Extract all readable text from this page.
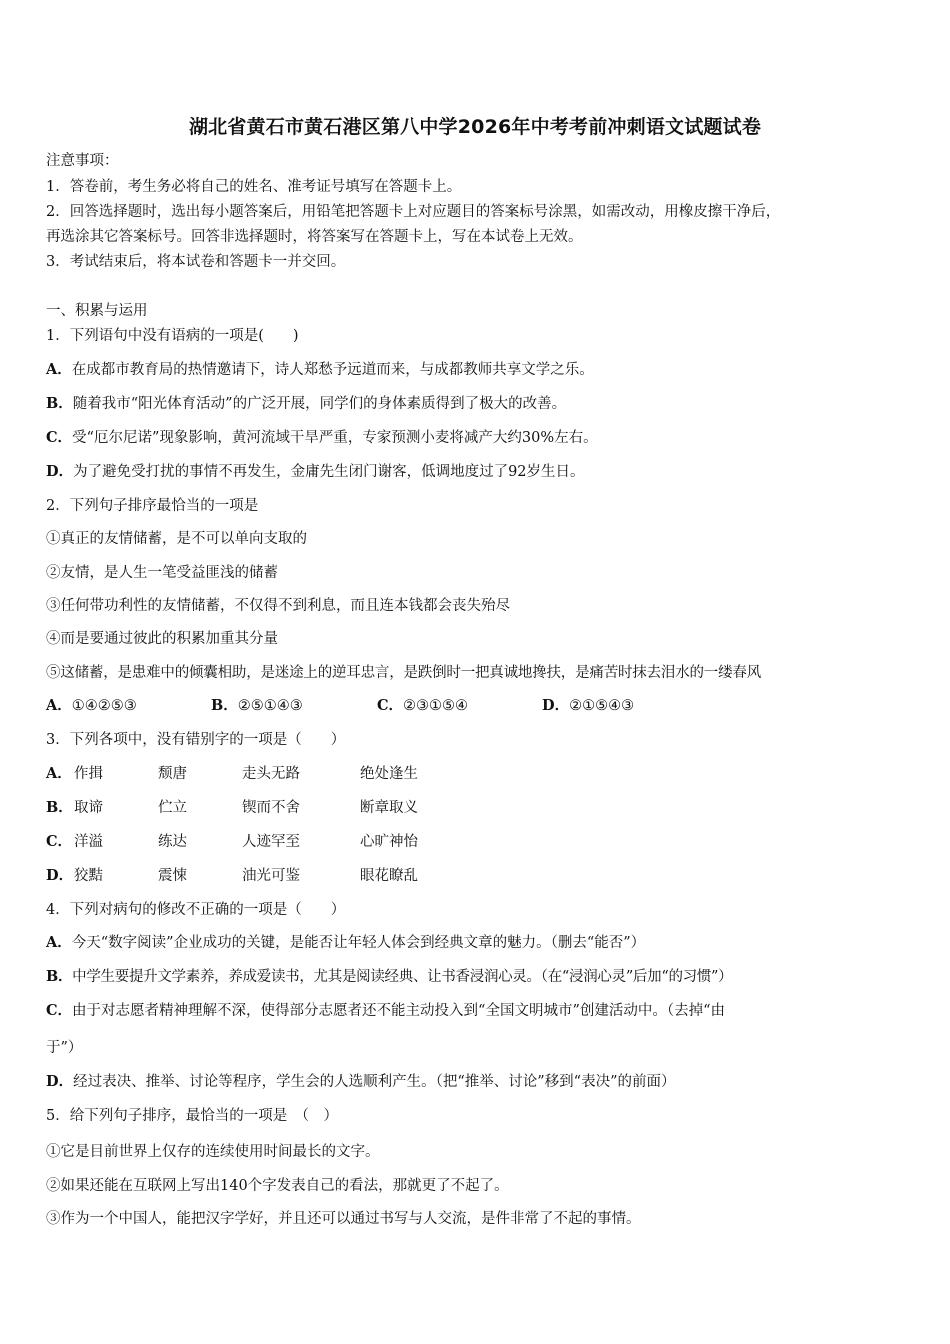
湖北省黄石市黄石港区第八中学2026年中考考前冲刺语文试题试卷
注意事项：
1．答卷前，考生务必将自己的姓名、准考证号填写在答题卡上。
2．回答选择题时，选出每小题答案后，用铅笔把答题卡上对应题目的答案标号涂黑，如需改动，用橡皮擦干净后，
再选涂其它答案标号。回答非选择题时，将答案写在答题卡上，写在本试卷上无效。
3．考试结束后，将本试卷和答题卡一并交回。
一、积累与运用
1．下列语句中没有语病的一项是(　　)
A．在成都市教育局的热情邀请下，诗人郑愁予远道而来，与成都教师共享文学之乐。
B．随着我市“阳光体育活动”的广泛开展，同学们的身体素质得到了极大的改善。
C．受“厄尔尼诺”现象影响，黄河流域干旱严重，专家预测小麦将减产大约30%左右。
D．为了避免受打扰的事情不再发生，金庸先生闭门谢客，低调地度过了92岁生日。
2．下列句子排序最恰当的一项是
①真正的友情储蓄，是不可以单向支取的
②友情，是人生一笔受益匪浅的储蓄
③任何带功利性的友情储蓄，不仅得不到利息，而且连本钱都会丧失殆尽
④而是要通过彼此的积累加重其分量
⑤这储蓄，是患难中的倾囊相助，是迷途上的逆耳忠言，是跌倒时一把真诚地搀扶，是痛苦时抹去泪水的一缕春风
A．①④②⑤③	B．②⑤①④③	C．②③①⑤④	D．②①⑤④③
3．下列各项中，没有错别字的一项是（　　）
A． 作揖	颓唐	走头无路	绝处逢生
B． 取谛	伫立	锲而不舍	断章取义
C． 洋溢	练达	人迹罕至	心旷神怡
D． 狡黠	震悚	油光可鉴	眼花瞭乱
4．下列对病句的修改不正确的一项是（　　）
A．今天“数字阅读”企业成功的关键，是能否让年轻人体会到经典文章的魅力。（删去“能否”）
B．中学生要提升文学素养，养成爱读书，尤其是阅读经典、让书香浸润心灵。（在“浸润心灵”后加“的习惯”）
C．由于对志愿者精神理解不深，使得部分志愿者还不能主动投入到“全国文明城市”创建活动中。（去掉“由
于”）
D．经过表决、推举、讨论等程序，学生会的人选顺利产生。（把“推举、讨论”移到“表决”的前面）
5．给下列句子排序，最恰当的一项是　（　）
①它是目前世界上仅存的连续使用时间最长的文字。
②如果还能在互联网上写出140个字发表自己的看法，那就更了不起了。
③作为一个中国人，能把汉字学好，并且还可以通过书写与人交流，是件非常了不起的事情。
